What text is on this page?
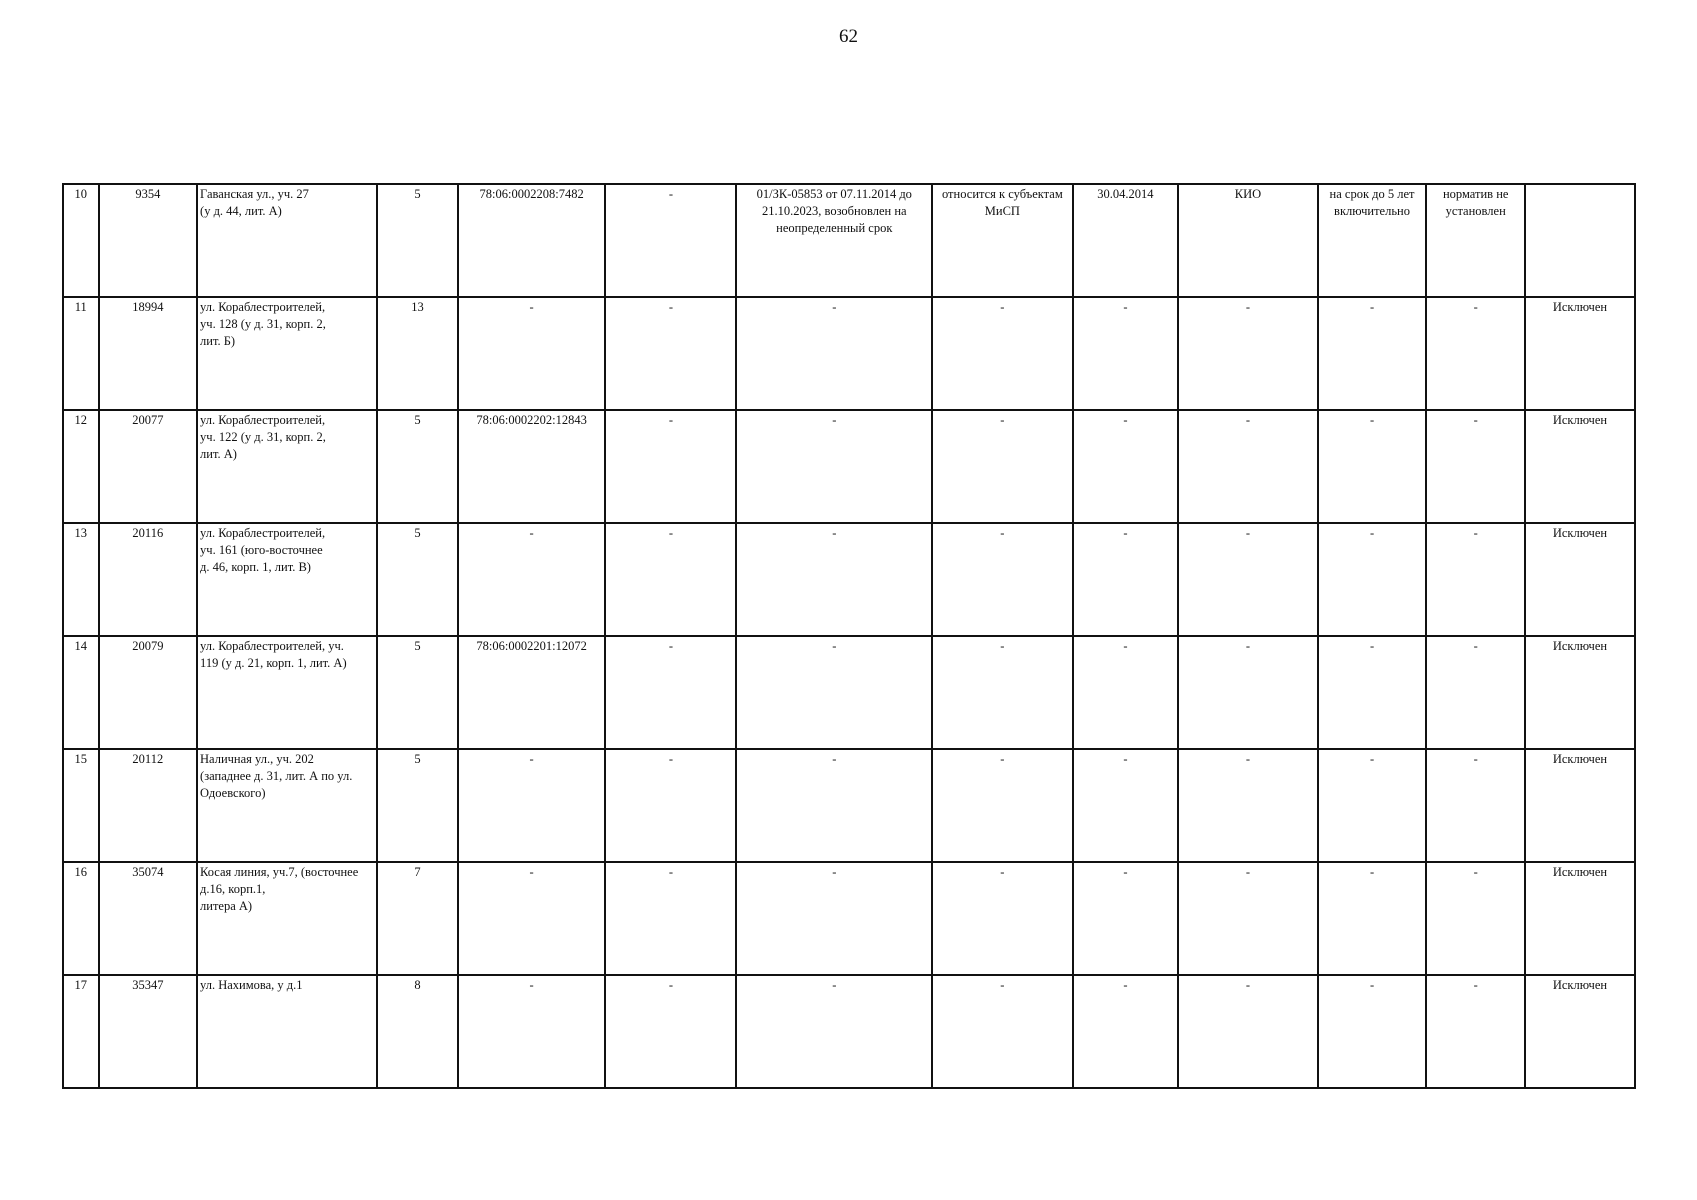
62
10	9354	Гаванская ул., уч. 27
(у д. 44, лит. А)	5	78:06:0002208:7482	-	01/ЗК-05853 от 07.11.2014 до 21.10.2023, возобновлен на неопределенный срок	относится к субъектам МиСП	30.04.2014	КИО	на срок до 5 лет включительно	норматив не установлен	
11	18994	ул. Кораблестроителей,
уч. 128 (у д. 31, корп. 2,
лит. Б)	13	-	-	-	-	-	-	-	-	Исключен
12	20077	ул. Кораблестроителей,
уч. 122 (у д. 31, корп. 2,
лит. А)	5	78:06:0002202:12843	-	-	-	-	-	-	-	Исключен
13	20116	ул. Кораблестроителей,
уч. 161 (юго-восточнее
д. 46, корп. 1, лит. В)	5	-	-	-	-	-	-	-	-	Исключен
14	20079	ул. Кораблестроителей, уч.
119 (у д. 21, корп. 1, лит. А)	5	78:06:0002201:12072	-	-	-	-	-	-	-	Исключен
15	20112	Наличная ул., уч. 202
(западнее д. 31, лит. А по ул.
Одоевского)	5	-	-	-	-	-	-	-	-	Исключен
16	35074	Косая линия, уч.7, (восточнее
д.16, корп.1,
литера А)	7	-	-	-	-	-	-	-	-	Исключен
17	35347	ул. Нахимова, у д.1	8	-	-	-	-	-	-	-	-	Исключен
